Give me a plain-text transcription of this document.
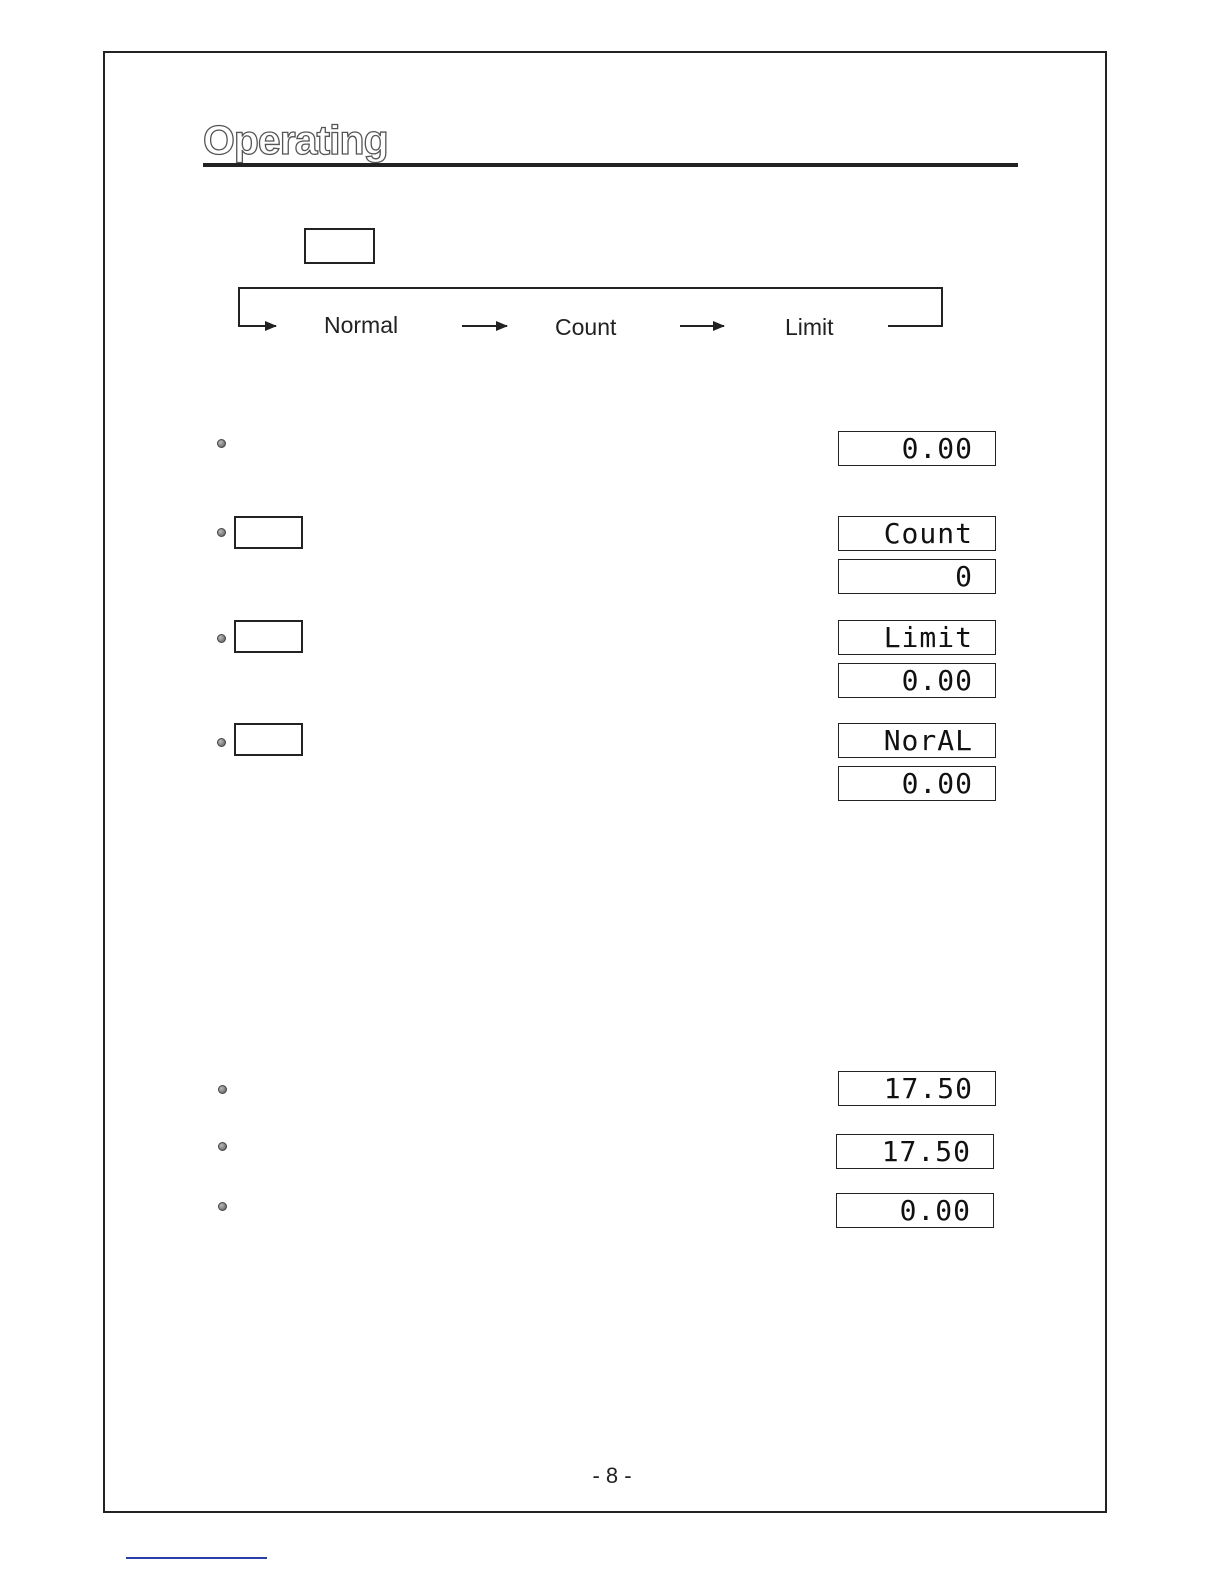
Operating
Normal	Count	Limit
0.00
Count
0
Limit
0.00
NorAL
0.00
17.50
17.50
0.00
- 8 -
